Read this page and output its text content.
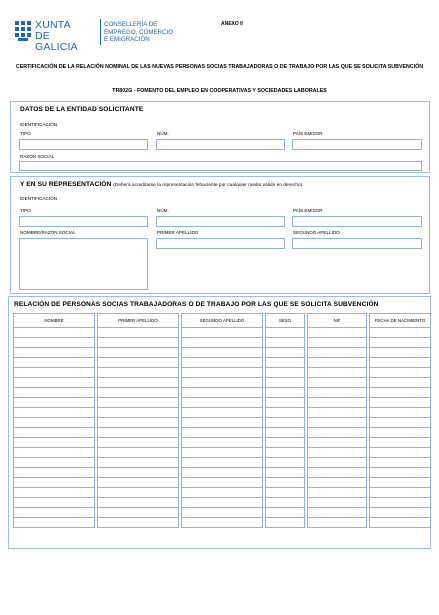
XUNTA
DE GALICIA
CONSELLERÍA DE
EMPREGO, COMERCIO
E EMIGRACIÓN
ANEXO II
CERTIFICACIÓN DE LA RELACIÓN NOMINAL DE LAS NUEVAS PERSONAS SOCIAS TRABAJADORAS O DE TRABAJO POR LAS QUE SE SOLICITA SUBVENCIÓN
TR802G - FOMENTO DEL EMPLEO EN COOPERATIVAS Y SOCIEDADES LABORALES
DATOS DE LA ENTIDAD SOLICITANTE
IDENTIFICACIÓN
TIPO	NÚM.	PAÍS EMISOR
RAZÓN SOCIAL
Y EN SU REPRESENTACIÓN (Deberá acreditarse la representación fehaciente por cualquier medio válido en derecho)
IDENTIFICACIÓN
TIPO	NÚM.	PAÍS EMISOR
NOMBRE/RAZÓN SOCIAL	PRIMER APELLIDO	SEGUNDO APELLIDO
RELACIÓN DE PERSONAS SOCIAS TRABAJADORAS O DE TRABAJO POR LAS QUE SE SOLICITA SUBVENCIÓN
NOMBRE	PRIMER APELLIDO	SEGUNDO APELLIDO	SEXO	NIF	FECHA DE NACIMIENTO
